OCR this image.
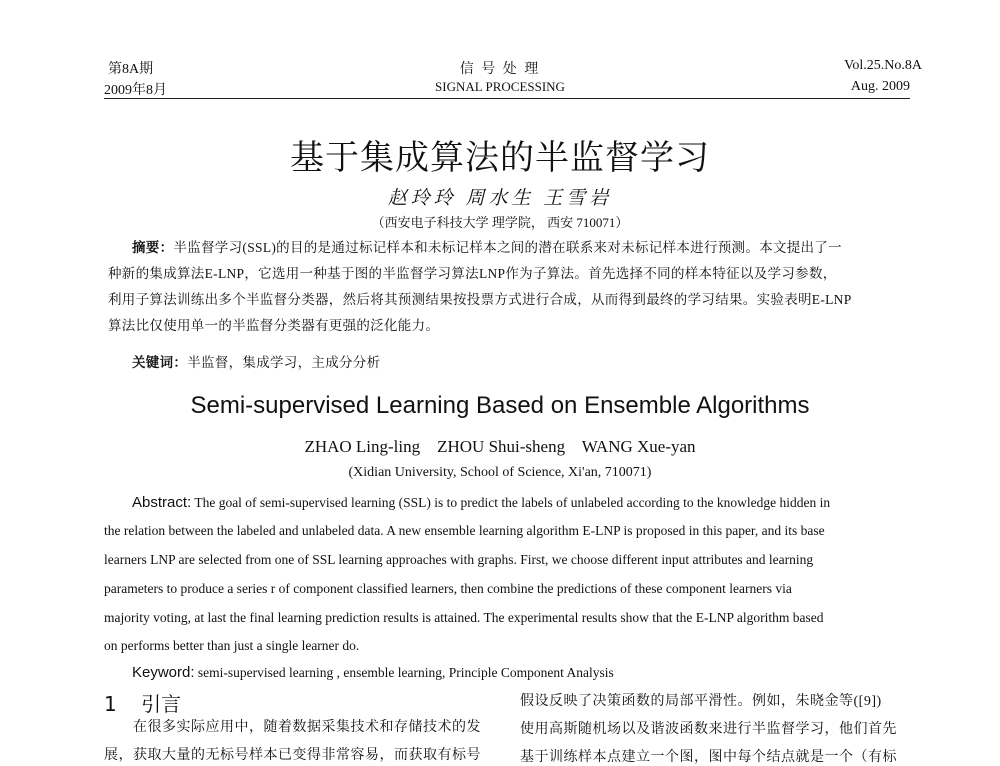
第8A期
2009年8月
信 号 处 理
SIGNAL PROCESSING
Vol.25.No.8A
Aug. 2009
基于集成算法的半监督学习
赵玲玲 周水生 王雪岩
（西安电子科技大学 理学院， 西安 710071）
摘要：半监督学习(SSL)的目的是通过标记样本和未标记样本之间的潜在联系来对未标记样本进行预测。本文提出了一
种新的集成算法E-LNP，它选用一种基于图的半监督学习算法LNP作为子算法。首先选择不同的样本特征以及学习参数，
利用子算法训练出多个半监督分类器，然后将其预测结果按投票方式进行合成，从而得到最终的学习结果。实验表明E-LNP
算法比仅使用单一的半监督分类器有更强的泛化能力。
关键词：半监督，集成学习，主成分分析
Semi-supervised Learning Based on Ensemble Algorithms
ZHAO Ling-ling    ZHOU Shui-sheng    WANG Xue-yan
(Xidian University, School of Science, Xi'an, 710071)
Abstract: The goal of semi-supervised learning (SSL) is to predict the labels of unlabeled according to the knowledge hidden in
the relation between the labeled and unlabeled data. A new ensemble learning algorithm E-LNP is proposed in this paper, and its base
learners LNP are selected from one of SSL learning approaches with graphs. First, we choose different input attributes and learning
parameters to produce a series r of component classified learners, then combine the predictions of these component learners via
majority voting, at last the final learning prediction results is attained. The experimental results show that the E-LNP algorithm based
on performs better than just a single learner do.
Keyword: semi-supervised learning , ensemble learning, Principle Component Analysis
1 引言
　　在很多实际应用中，随着数据采集技术和存储技术的发
展，获取大量的无标号样本已变得非常容易，而获取有标号
假设反映了决策函数的局部平滑性。例如，朱晓金等([9])
使用高斯随机场以及谐波函数来进行半监督学习，他们首先
基于训练样本点建立一个图，图中每个结点就是一个（有标
